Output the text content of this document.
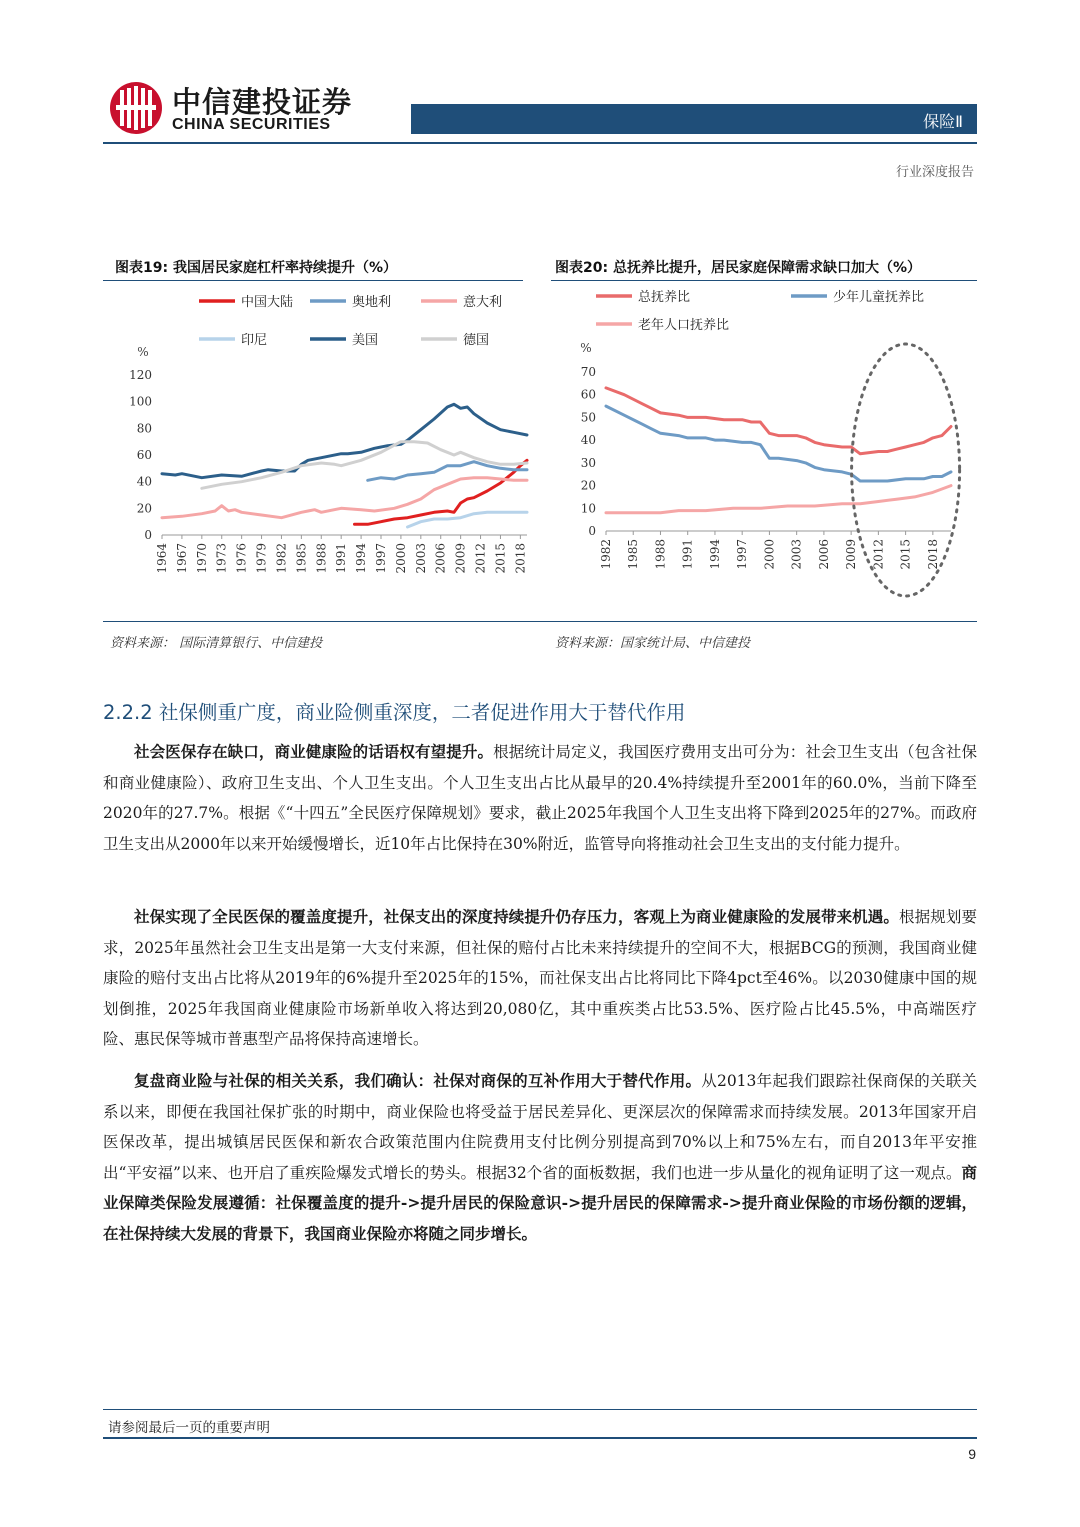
中信建投证券
CHINA SECURITIES	保险Ⅱ
行业深度报告
图表19: 我国居民家庭杠杆率持续提升（%）	图表20: 总抚养比提升，居民家庭保障需求缺口加大（%）
%
0
20
40
60
80
100
120
1964 1967 1970 1973 1976 1979 1982 1985 1988 1991 1994 1997 2000 2003 2006 2009 2012 2015 2018
中国大陆	奥地利	意大利
印尼	美国	德国	%
0
10
20
30
40
50
60
70
1982 1985 1988 1991 1994 1997 2000 2003 2006 2009 2012 2015 2018
总抚养比	少年儿童抚养比
老年人口抚养比
资料来源： 国际清算银行、中信建投	资料来源：国家统计局、中信建投
2.2.2 社保侧重广度，商业险侧重深度，二者促进作用大于替代作用

社会医保存在缺口，商业健康险的话语权有望提升。根据统计局定义，我国医疗费用支出可分为：社会卫生支出（包含社保和商业健康险）、政府卫生支出、个人卫生支出。个人卫生支出占比从最早的20.4%持续提升至2001年的60.0%，当前下降至2020年的27.7%。根据《“十四五”全民医疗保障规划》要求，截止2025年我国个人卫生支出将下降到2025年的27%。而政府卫生支出从2000年以来开始缓慢增长，近10年占比保持在30%附近，监管导向将推动社会卫生支出的支付能力提升。

社保实现了全民医保的覆盖度提升，社保支出的深度持续提升仍存压力，客观上为商业健康险的发展带来机遇。根据规划要求，2025年虽然社会卫生支出是第一大支付来源，但社保的赔付占比未来持续提升的空间不大，根据BCG的预测，我国商业健康险的赔付支出占比将从2019年的6%提升至2025年的15%，而社保支出占比将同比下降4pct至46%。以2030健康中国的规划倒推，2025年我国商业健康险市场新单收入将达到20,080亿，其中重疾类占比53.5%、医疗险占比45.5%，中高端医疗险、惠民保等城市普惠型产品将保持高速增长。

复盘商业险与社保的相关关系，我们确认：社保对商保的互补作用大于替代作用。从2013年起我们跟踪社保商保的关联关系以来，即便在我国社保扩张的时期中，商业保险也将受益于居民差异化、更深层次的保障需求而持续发展。2013年国家开启医保改革，提出城镇居民医保和新农合政策范围内住院费用支付比例分别提高到70%以上和75%左右，而自2013年平安推出“平安福”以来、也开启了重疾险爆发式增长的势头。根据32个省的面板数据，我们也进一步从量化的视角证明了这一观点。商业保障类保险发展遵循：社保覆盖度的提升->提升居民的保险意识->提升居民的保障需求->提升商业保险的市场份额的逻辑，在社保持续大发展的背景下，我国商业保险亦将随之同步增长。

请参阅最后一页的重要声明
9
